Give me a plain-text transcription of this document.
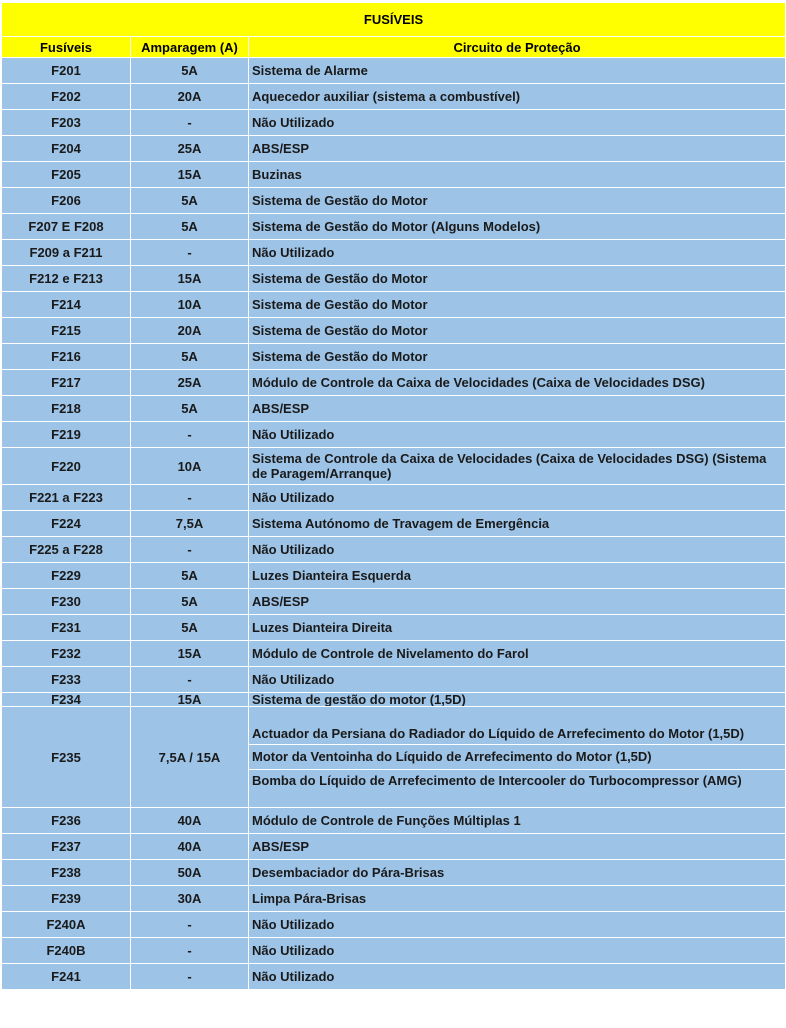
FUSÍVEIS		
Fusíveis	Amparagem (A)	Circuito de Proteção
F201	5A	Sistema de Alarme
F202	20A	Aquecedor auxiliar (sistema a combustível)
F203	-	Não Utilizado
F204	25A	ABS/ESP
F205	15A	Buzinas
F206	5A	Sistema de Gestão do Motor
F207 E F208	5A	Sistema de Gestão do Motor (Alguns Modelos)
F209 a F211	-	Não Utilizado
F212 e F213	15A	Sistema de Gestão do Motor
F214	10A	Sistema de Gestão do Motor
F215	20A	Sistema de Gestão do Motor
F216	5A	Sistema de Gestão do Motor
F217	25A	Módulo de Controle da Caixa de Velocidades (Caixa de Velocidades DSG)
F218	5A	ABS/ESP
F219	-	Não Utilizado
F220	10A	Sistema de Controle da Caixa de Velocidades (Caixa de Velocidades DSG) (Sistema de Paragem/Arranque)
F221 a F223	-	Não Utilizado
F224	7,5A	Sistema Autónomo de Travagem de Emergência
F225 a F228	-	Não Utilizado
F229	5A	Luzes Dianteira Esquerda
F230	5A	ABS/ESP
F231	5A	Luzes Dianteira Direita
F232	15A	Módulo de Controle de Nivelamento do Farol
F233	-	Não Utilizado
F234	15A	Sistema de gestão do motor (1,5D)
F235	7,5A / 15A	Actuador da Persiana do Radiador do Líquido de Arrefecimento do Motor (1,5D)
Motor da Ventoinha do Líquido de Arrefecimento do Motor (1,5D)
Bomba do Líquido de Arrefecimento de Intercooler do Turbocompressor (AMG)

F236	40A	Módulo de Controle de Funções Múltiplas 1
F237	40A	ABS/ESP
F238	50A	Desembaciador do Pára-Brisas
F239	30A	Limpa Pára-Brisas
F240A	-	Não Utilizado
F240B	-	Não Utilizado
F241	-	Não Utilizado
